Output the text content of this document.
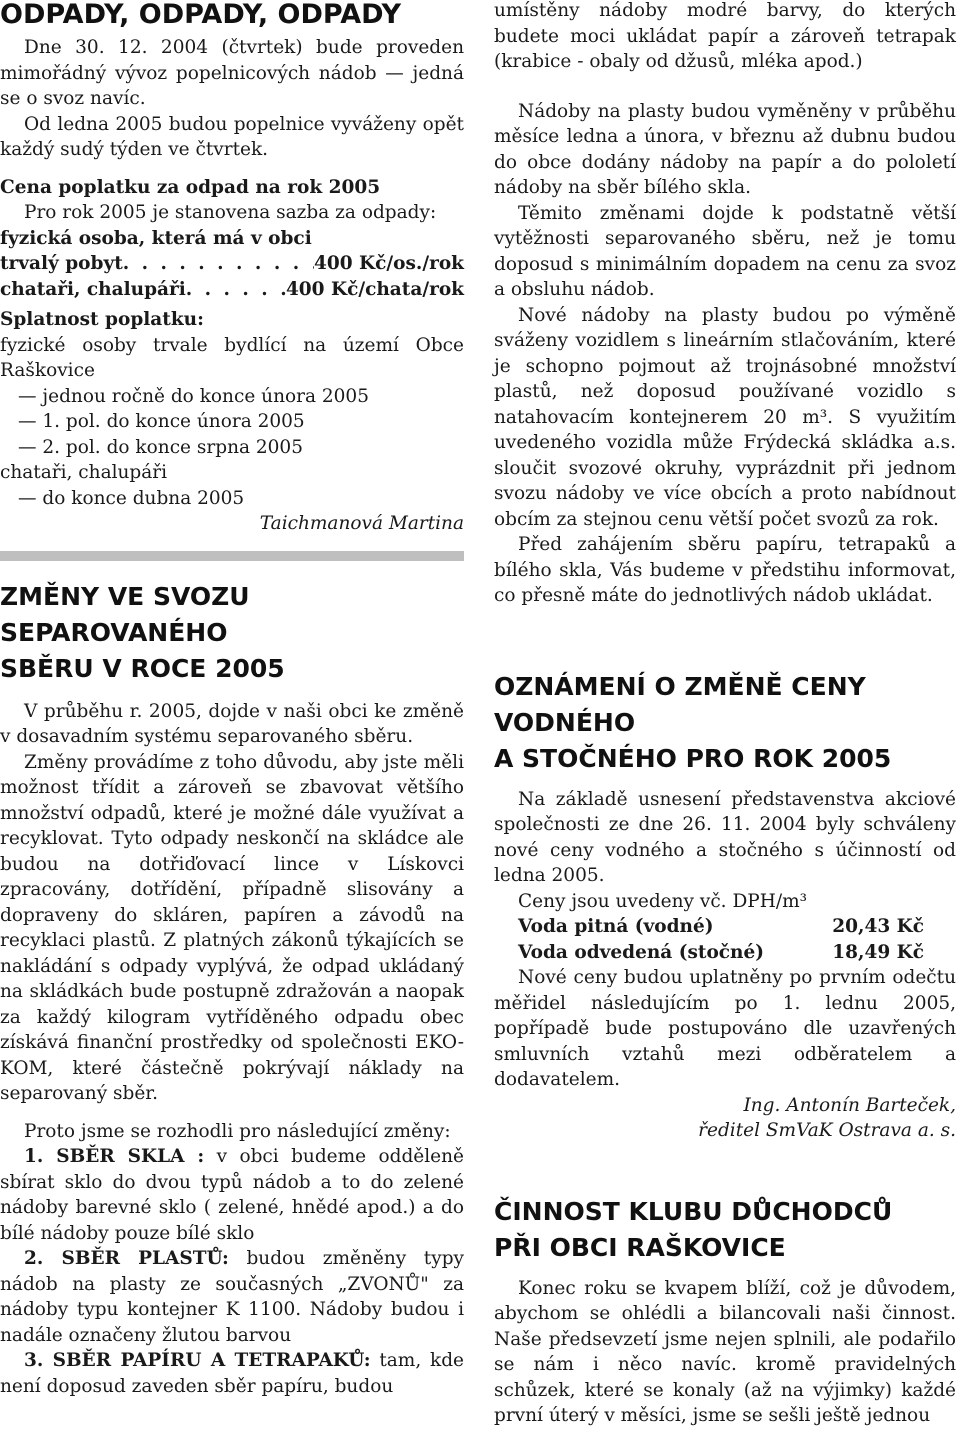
ODPADY, ODPADY, ODPADY

Dne 30. 12. 2004 (čtvrtek) bude proveden mimořádný vývoz popelnicových nádob — jedná se o svoz navíc.

Od ledna 2005 budou popelnice vyváženy opět každý sudý týden ve čtvrtek.

Cena poplatku za odpad na rok 2005

Pro rok 2005 je stanovena sazba za odpady:

fyzická osoba, která má v obci

trvalý pobyt . . .	400 Kč/os./rok
chataři, chalupáři . . .	400 Kč/chata/rok

Splatnost poplatku:

fyzické osoby trvale bydlící na území Obce Raškovice

— jednou ročně do konce února 2005

— 1. pol. do konce února 2005

— 2. pol. do konce srpna 2005

chataři, chalupáři

— do konce dubna 2005

Taichmanová Martina

ZMĚNY VE SVOZU SEPAROVANÉHO
SBĚRU V ROCE 2005

V průběhu r. 2005, dojde v naši obci ke změně v dosavadním systému separovaného sběru.

Změny provádíme z toho důvodu, aby jste měli možnost třídit a zároveň se zbavovat většího množství odpadů, které je možné dále využívat a recyklovat. Tyto odpady neskončí na skládce ale budou na dotřiďovací lince v Lískovci zpracovány, dotřídění, případně slisovány a dopraveny do skláren, papíren a závodů na recyklaci plastů. Z platných zákonů týkajících se nakládání s odpady vyplývá, že odpad ukládaný na skládkách bude postupně zdražován a naopak za každý kilogram vytříděného odpadu obec získává finanční prostředky od společnosti EKO-KOM, které částečně pokrývají náklady na separovaný sběr.

Proto jsme se rozhodli pro následující změny:

1. SBĚR SKLA : v obci budeme odděleně sbírat sklo do dvou typů nádob a to do zelené nádoby barevné sklo ( zelené, hnědé apod.) a do bílé nádoby pouze bílé sklo

2. SBĚR PLASTŮ: budou změněny typy nádob na plasty ze současných „ZVONŮ" za nádoby typu kontejner K 1100. Nádoby budou i nadále označeny žlutou barvou

3. SBĚR PAPÍRU A TETRAPAKŮ: tam, kde není doposud zaveden sběr papíru, budou

umístěny nádoby modré barvy, do kterých budete moci ukládat papír a zároveň tetrapak (krabice - obaly od džusů, mléka apod.)

Nádoby na plasty budou vyměněny v průběhu měsíce ledna a února, v březnu až dubnu budou do obce dodány nádoby na papír a do pololetí nádoby na sběr bílého skla.

Těmito změnami dojde k podstatně větší vytěžnosti separovaného sběru, než je tomu doposud s minimálním dopadem na cenu za svoz a obsluhu nádob.

Nové nádoby na plasty budou po výměně sváženy vozidlem s lineárním stlačováním, které je schopno pojmout až trojnásobné množství plastů, než doposud používané vozidlo s natahovacím kontejnerem 20 m³. S využitím uvedeného vozidla může Frýdecká skládka a.s. sloučit svozové okruhy, vyprázdnit při jednom svozu nádoby ve více obcích a proto nabídnout obcím za stejnou cenu větší počet svozů za rok.

Před zahájením sběru papíru, tetrapaků a bílého skla, Vás budeme v předstihu informovat, co přesně máte do jednotlivých nádob ukládat.

OZNÁMENÍ O ZMĚNĚ CENY VODNÉHO
A STOČNÉHO PRO ROK 2005

Na základě usnesení představenstva akciové společnosti ze dne 26. 11. 2004 byly schváleny nové ceny vodného a stočného s účinností od ledna 2005.

Ceny jsou uvedeny vč. DPH/m³

Voda pitná (vodné)	20,43 Kč
Voda odvedená (stočné)	18,49 Kč

Nové ceny budou uplatněny po prvním odečtu měřidel následujícím po 1. lednu 2005, popřípadě bude postupováno dle uzavřených smluvních vztahů mezi odběratelem a dodavatelem.

Ing. Antonín Barteček,

ředitel SmVaK Ostrava a. s.

ČINNOST KLUBU DŮCHODCŮ
PŘI OBCI RAŠKOVICE

Konec roku se kvapem blíží, což je důvodem, abychom se ohlédli a bilancovali naši činnost. Naše předsevzetí jsme nejen splnili, ale podařilo se nám i něco navíc. kromě pravidelných schůzek, které se konaly (až na výjimky) každé první úterý v měsíci, jsme se sešli ještě jednou
